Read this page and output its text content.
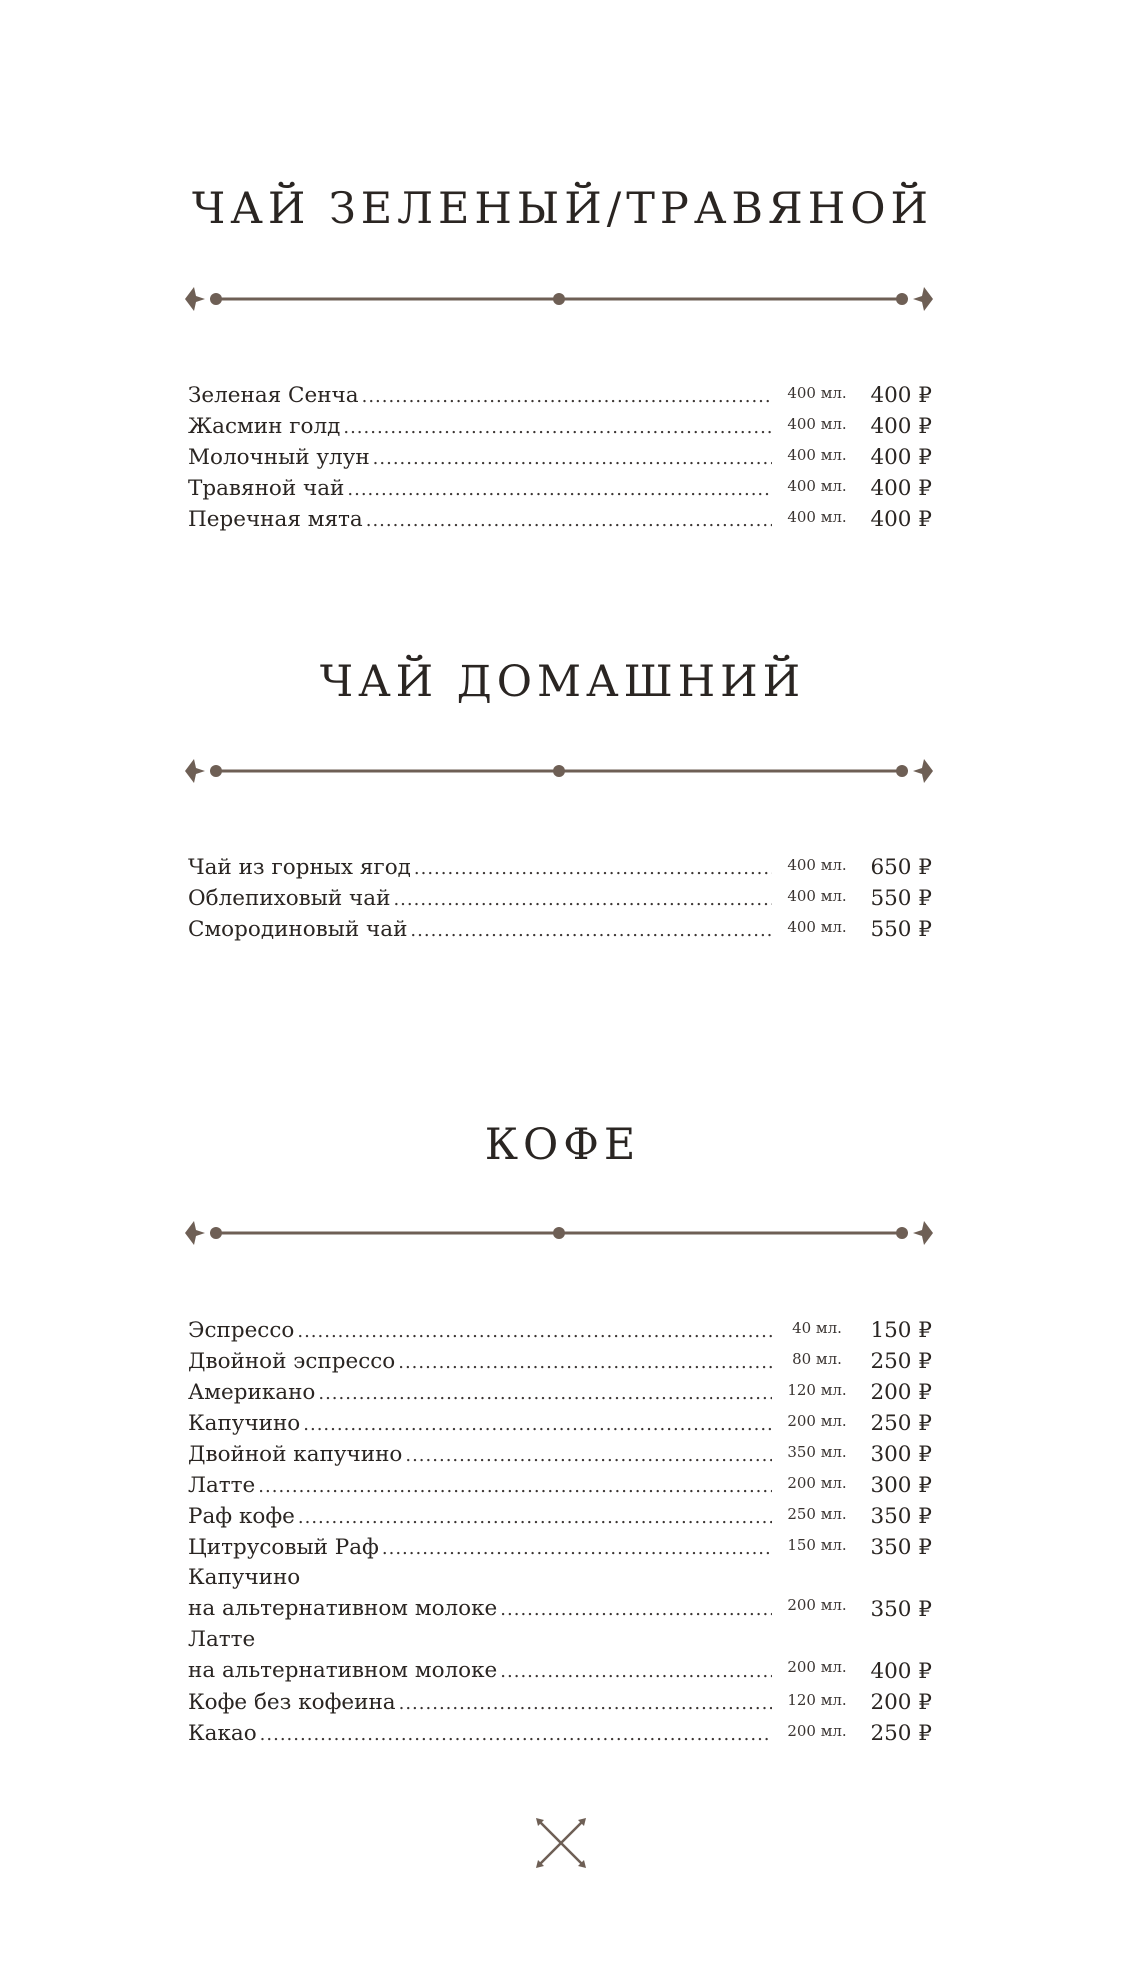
ЧАЙ ЗЕЛЕНЫЙ/ТРАВЯНОЙ
Зеленая Сенча .....	400 мл.	400 ₽
Жасмин голд .....	400 мл.	400 ₽
Молочный улун .....	400 мл.	400 ₽
Травяной чай .....	400 мл.	400 ₽
Перечная мята .....	400 мл.	400 ₽
ЧАЙ ДОМАШНИЙ
Чай из горных ягод .....	400 мл.	650 ₽
Облепиховый чай .....	400 мл.	550 ₽
Смородиновый чай .....	400 мл.	550 ₽
КОФЕ
Эспрессо .....	40 мл.	150 ₽
Двойной эспрессо .....	80 мл.	250 ₽
Американо .....	120 мл.	200 ₽
Капучино .....	200 мл.	250 ₽
Двойной капучино .....	350 мл.	300 ₽
Латте .....	200 мл.	300 ₽
Раф кофе .....	250 мл.	350 ₽
Цитрусовый Раф .....	150 мл.	350 ₽
Капучино
на альтернативном молоке .....	200 мл.	350 ₽
Латте
на альтернативном молоке .....	200 мл.	400 ₽
Кофе без кофеина .....	120 мл.	200 ₽
Какао .....	200 мл.	250 ₽
